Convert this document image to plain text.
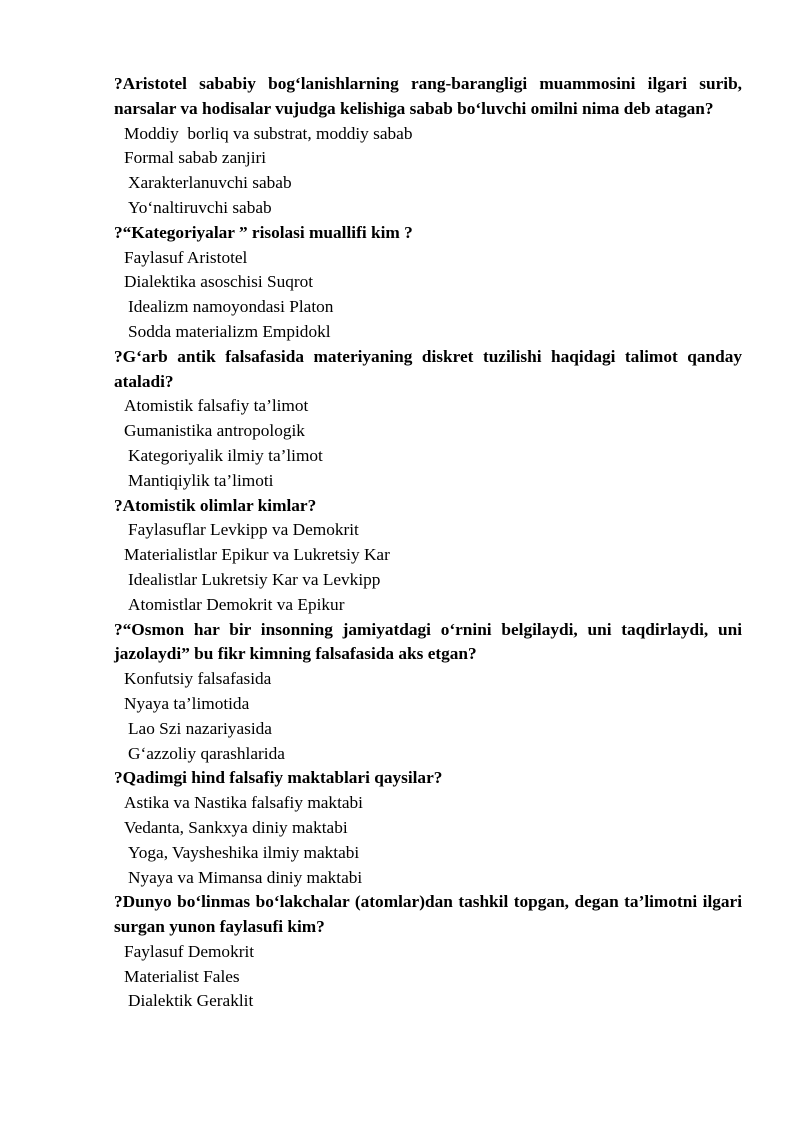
?Aristotel sababiy bog‘lanishlarning rang-barangligi muammosini ilgari surib, narsalar va hodisalar vujudga kelishiga sabab bo‘luvchi omilni nima deb atagan?

Moddiy  borliq va substrat, moddiy sabab
Formal sabab zanjiri
Xarakterlanuvchi sabab
Yo‘naltiruvchi sabab

?“Kategoriyalar ” risolasi muallifi kim ?

Faylasuf Aristotel
Dialektika asoschisi Suqrot
Idealizm namoyondasi Platon
Sodda materializm Empidokl

?G‘arb antik falsafasida materiyaning diskret tuzilishi haqidagi talimot qanday ataladi?

Atomistik falsafiy ta’limot
Gumanistika antropologik
Kategoriyalik ilmiy ta’limot
Mantiqiylik ta’limoti

?Atomistik olimlar kimlar?

Faylasuflar Levkipp va Demokrit
Materialistlar Epikur va Lukretsiy Kar
Idealistlar Lukretsiy Kar va Levkipp
Atomistlar Demokrit va Epikur

?“Osmon har bir insonning jamiyatdagi o‘rnini belgilaydi, uni taqdirlaydi, uni jazolaydi” bu fikr kimning falsafasida aks etgan?

Konfutsiy falsafasida
Nyaya ta’limotida
Lao Szi nazariyasida
G‘azzoliy qarashlarida

?Qadimgi hind falsafiy maktablari qaysilar?

Astika va Nastika falsafiy maktabi
Vedanta, Sankxya diniy maktabi
Yoga, Vaysheshika ilmiy maktabi
Nyaya va Mimansa diniy maktabi

?Dunyo bo‘linmas bo‘lakchalar (atomlar)dan tashkil topgan, degan ta’limotni ilgari surgan yunon faylasufi kim?

Faylasuf Demokrit
Materialist Fales
Dialektik Geraklit
